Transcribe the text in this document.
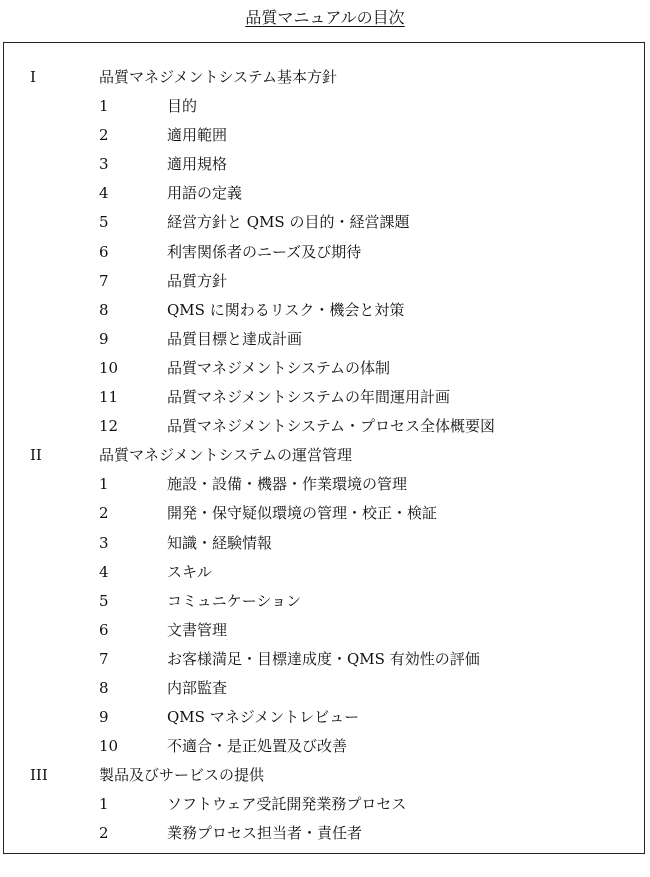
品質マニュアルの目次
I	品質マネジメントシステム基本方針
1	目的
2	適用範囲
3	適用規格
4	用語の定義
5	経営方針と QMS の目的・経営課題
6	利害関係者のニーズ及び期待
7	品質方針
8	QMS に関わるリスク・機会と対策
9	品質目標と達成計画
10	品質マネジメントシステムの体制
11	品質マネジメントシステムの年間運用計画
12	品質マネジメントシステム・プロセス全体概要図
II	品質マネジメントシステムの運営管理
1	施設・設備・機器・作業環境の管理
2	開発・保守疑似環境の管理・校正・検証
3	知識・経験情報
4	スキル
5	コミュニケーション
6	文書管理
7	お客様満足・目標達成度・QMS 有効性の評価
8	内部監査
9	QMS マネジメントレビュー
10	不適合・是正処置及び改善
III	製品及びサービスの提供
1	ソフトウェア受託開発業務プロセス
2	業務プロセス担当者・責任者
